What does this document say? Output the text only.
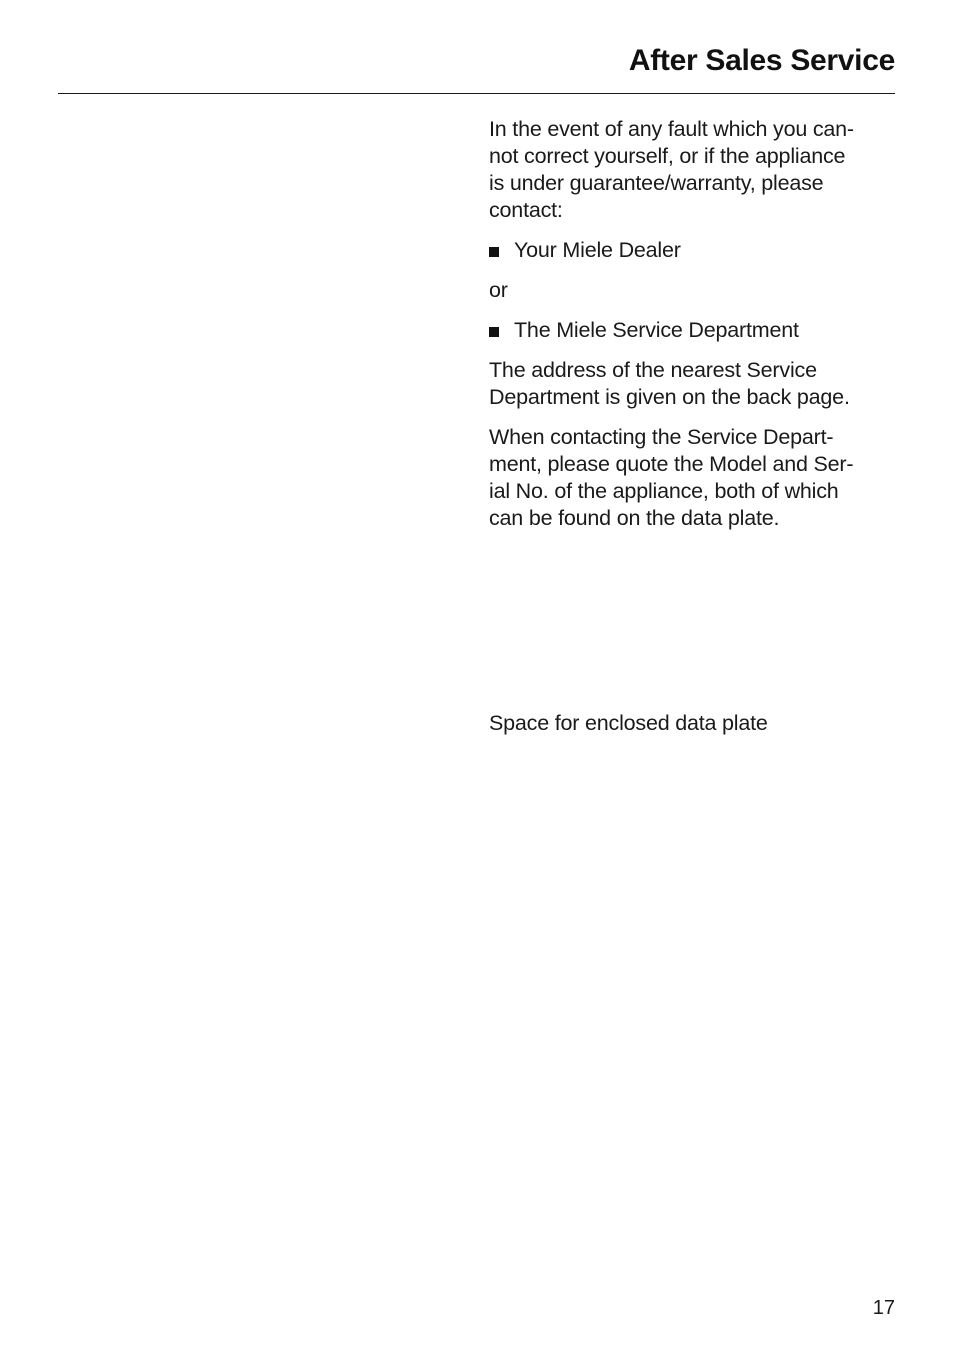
After Sales Service

In the event of any fault which you can-
not correct yourself, or if the appliance
is under guarantee/warranty, please
contact:

Your Miele Dealer

or

The Miele Service Department

The address of the nearest Service
Department is given on the back page.

When contacting the Service Depart-
ment, please quote the Model and Ser-
ial No. of the appliance, both of which
can be found on the data plate.

Space for enclosed data plate
17
